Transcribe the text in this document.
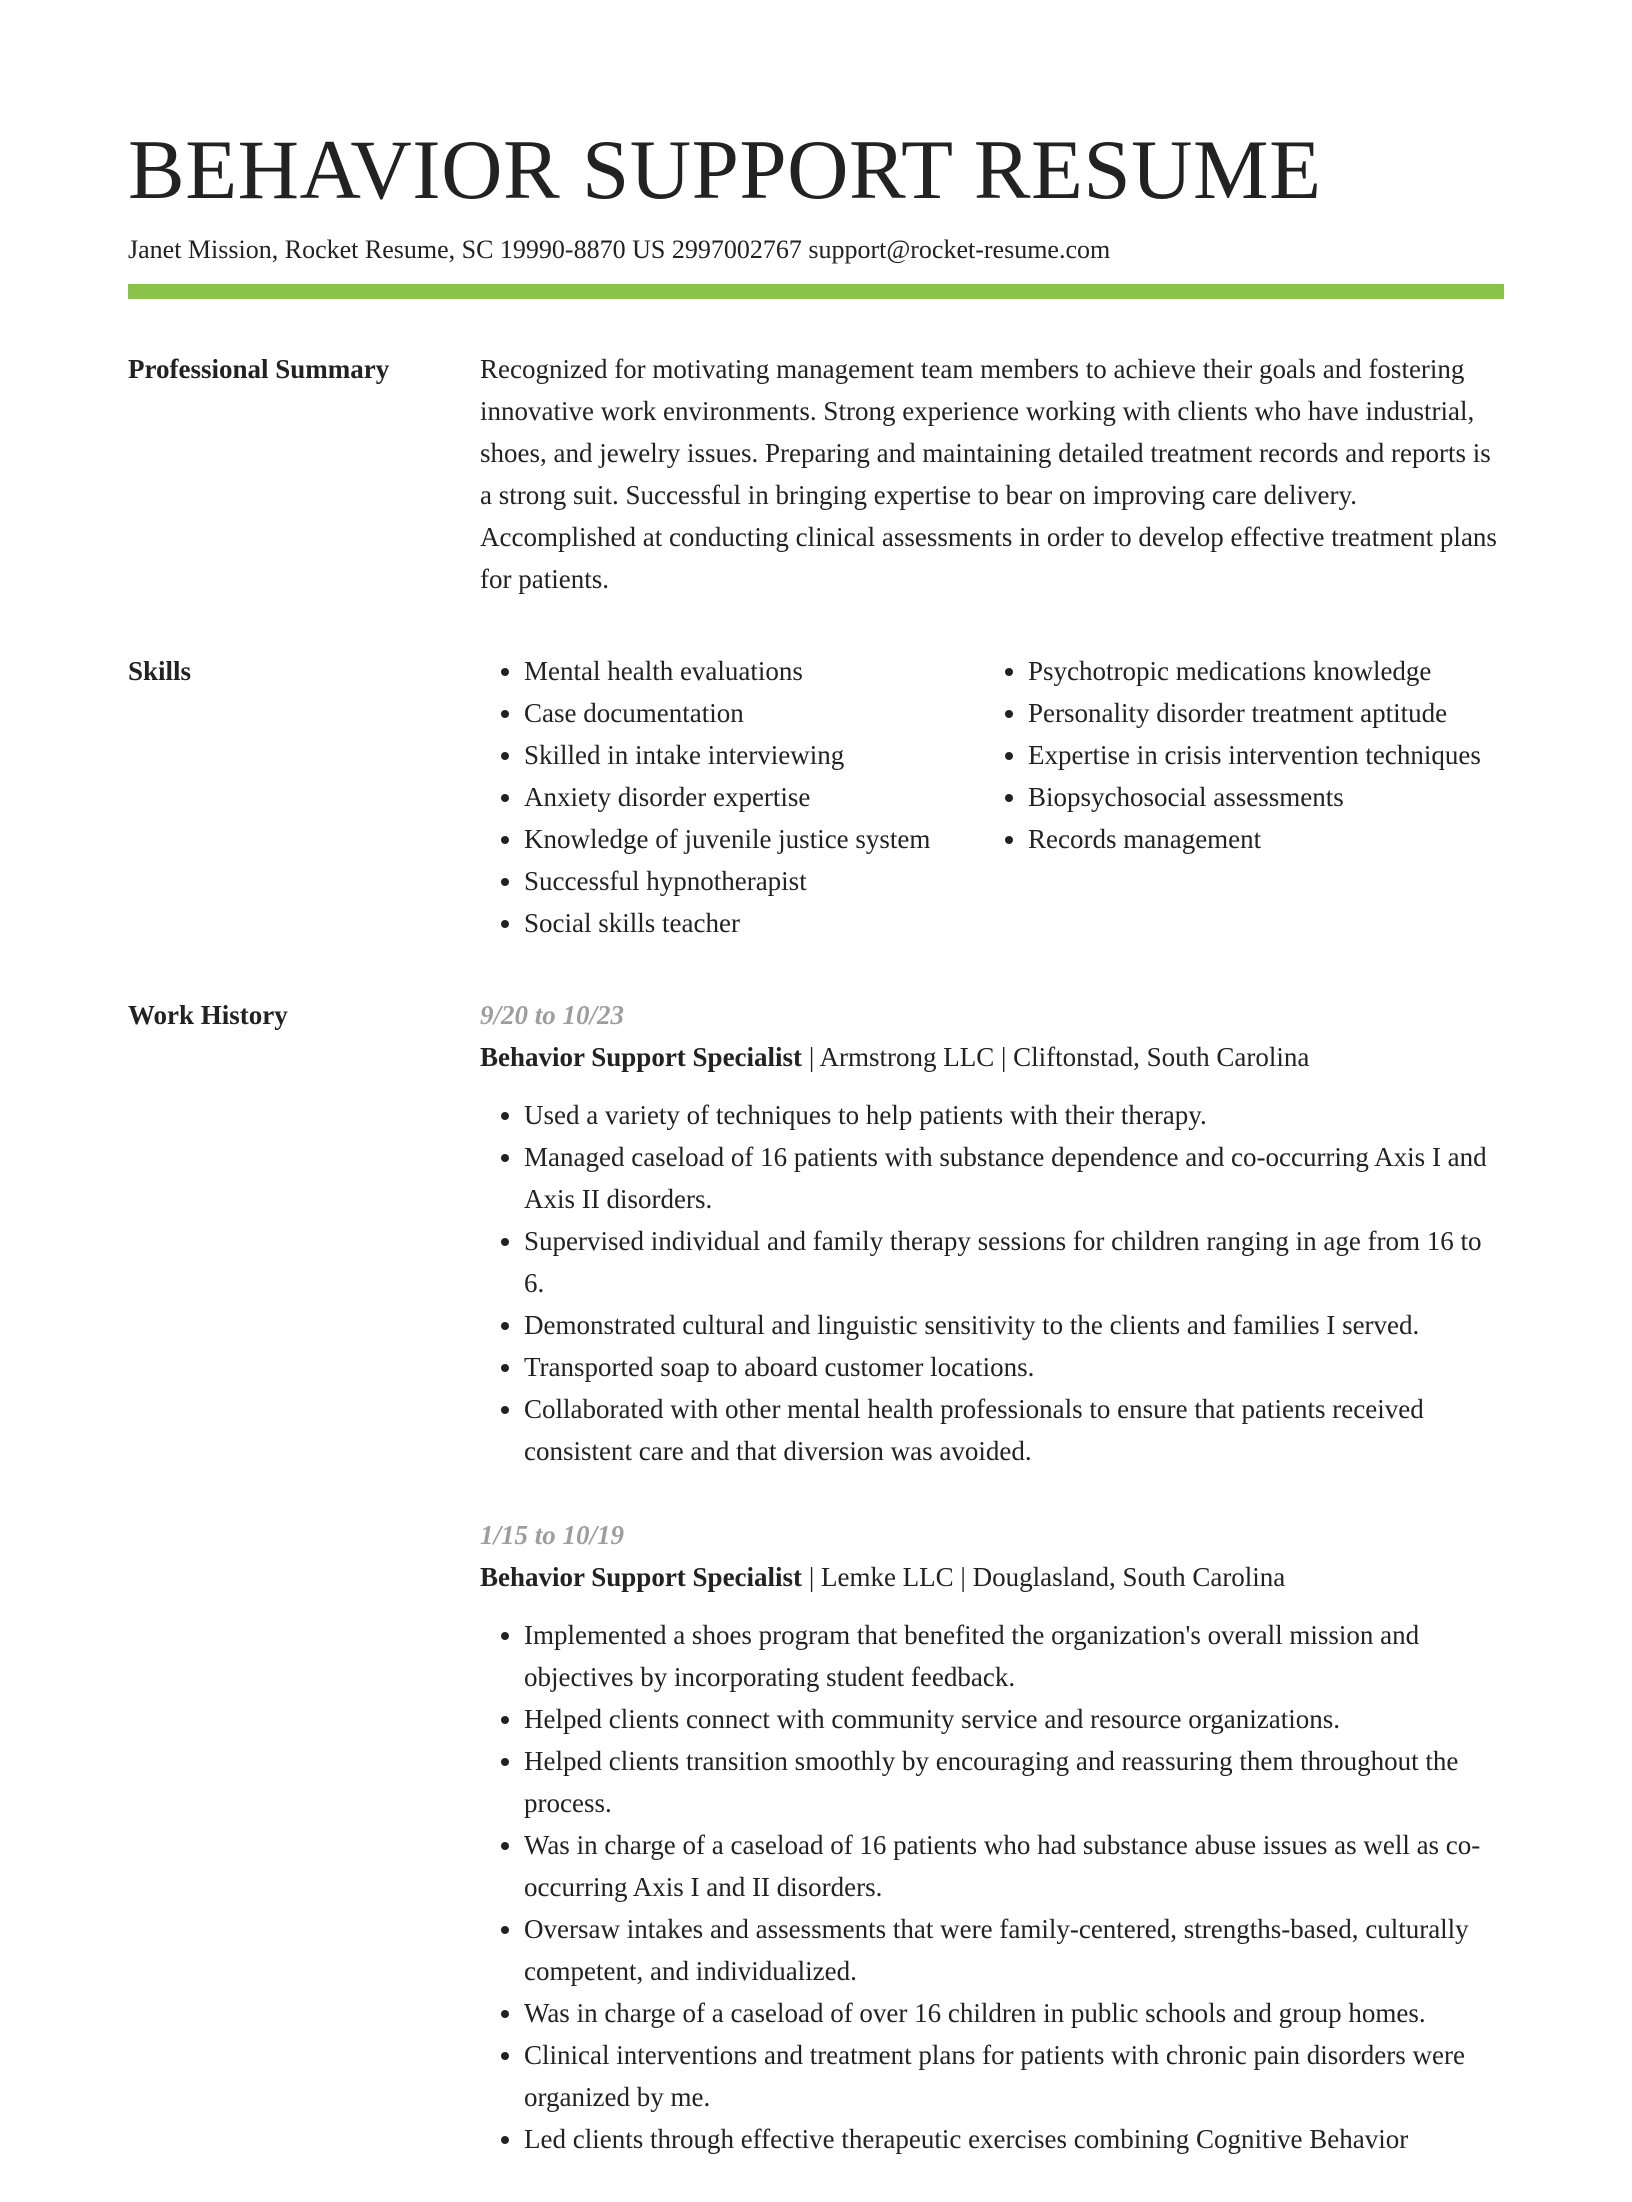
BEHAVIOR SUPPORT RESUME
Janet Mission, Rocket Resume, SC 19990-8870 US 2997002767 support@rocket-resume.com
Professional Summary	Recognized for motivating management team members to achieve their goals and fostering innovative work environments. Strong experience working with clients who have industrial, shoes, and jewelry issues. Preparing and maintaining detailed treatment records and reports is a strong suit. Successful in bringing expertise to bear on improving care delivery. Accomplished at conducting clinical assessments in order to develop effective treatment plans for patients.

Skills
•	Mental health evaluations
• Case documentation
• Skilled in intake interviewing
• Anxiety disorder expertise
• Knowledge of juvenile justice system
• Successful hypnotherapist
• Social skills teacher
• Psychotropic medications knowledge
• Personality disorder treatment aptitude
• Expertise in crisis intervention techniques
• Biopsychosocial assessments
• Records management
Work History	9/20 to 10/23
Behavior Support Specialist | Armstrong LLC | Cliftonstad, South Carolina
• Used a variety of techniques to help patients with their therapy.
• Managed caseload of 16 patients with substance dependence and co-occurring Axis I and Axis II disorders.
• Supervised individual and family therapy sessions for children ranging in age from 16 to 6.
• Demonstrated cultural and linguistic sensitivity to the clients and families I served.
• Transported soap to aboard customer locations.
• Collaborated with other mental health professionals to ensure that patients received consistent care and that diversion was avoided.
1/15 to 10/19
Behavior Support Specialist | Lemke LLC | Douglasland, South Carolina
• Implemented a shoes program that benefited the organization's overall mission and objectives by incorporating student feedback.
• Helped clients connect with community service and resource organizations.
• Helped clients transition smoothly by encouraging and reassuring them throughout the process.
• Was in charge of a caseload of 16 patients who had substance abuse issues as well as co-occurring Axis I and II disorders.
• Oversaw intakes and assessments that were family-centered, strengths-based, culturally competent, and individualized.
• Was in charge of a caseload of over 16 children in public schools and group homes.
• Clinical interventions and treatment plans for patients with chronic pain disorders were organized by me.
• Led clients through effective therapeutic exercises combining Cognitive Behavior
